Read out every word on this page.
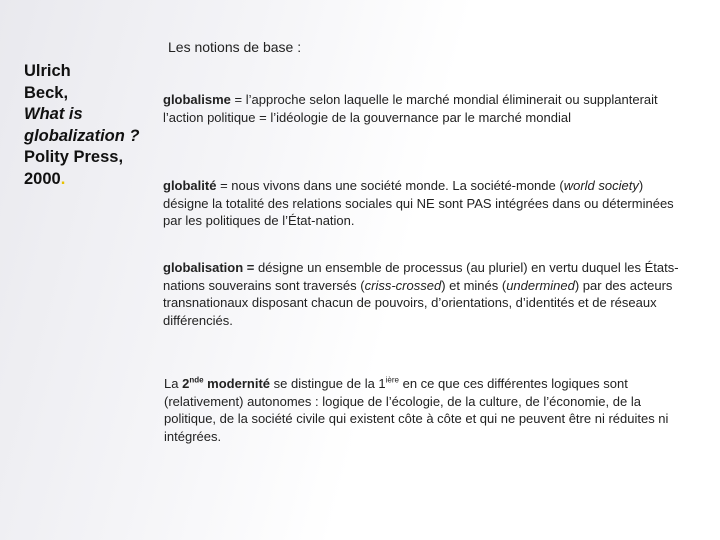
Les notions de base :
Ulrich
Beck,
What is
globalization ?
Polity Press,
2000.
globalisme = l’approche selon laquelle le marché mondial éliminerait ou supplanterait l’action politique = l’idéologie de la gouvernance par le marché mondial
globalité = nous vivons dans une société monde. La société-monde (world society) désigne la totalité des relations sociales qui NE sont PAS intégrées dans ou déterminées par les politiques de l’État-nation.
globalisation = désigne un ensemble de processus (au pluriel) en vertu duquel les États-nations souverains sont traversés (criss-crossed) et minés (undermined) par des acteurs transnationaux disposant chacun de pouvoirs, d’orientations, d’identités et de réseaux différenciés.
La 2nde modernité se distingue de la $1^{ière}$ en ce que ces différentes logiques sont (relativement) autonomes : logique de l’écologie, de la culture, de l’économie, de la politique, de la société civile qui existent côte à côte et qui ne peuvent être ni réduites ni intégrées.
